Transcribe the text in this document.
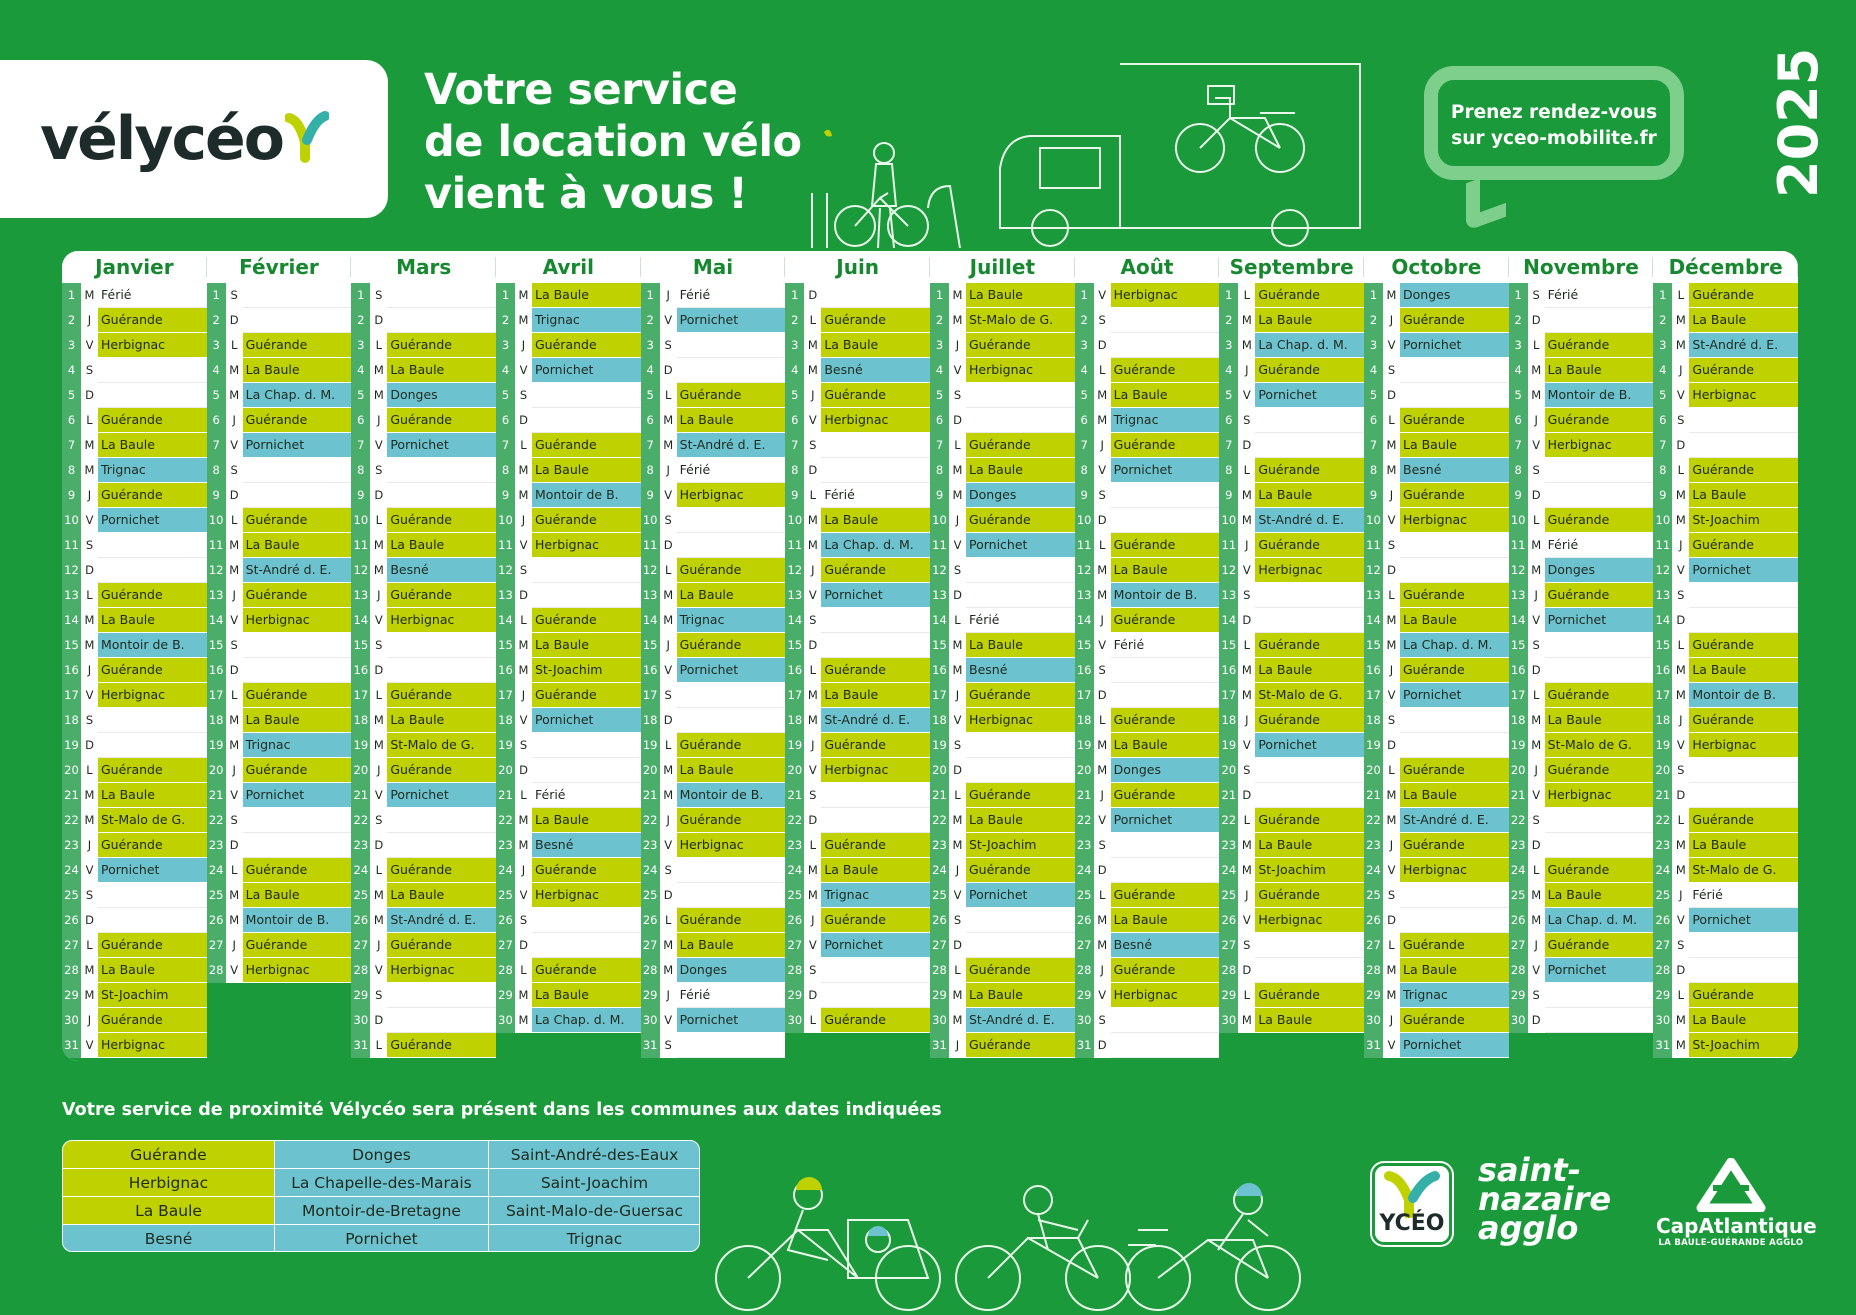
vélycéo
Votre service
de location vélo
vient à vous !
Prenez rendez-vous
sur yceo-mobilite.fr	2025
Janvier
1 M Férié
2	J Guérande
3 V Herbignac
4 S
5 D
6 L Guérande
7 M La Baule
8 M Trignac
9	J Guérande
10 V Pornichet
11 S
12 D
13 L Guérande
14 M La Baule
15 M Montoir de B.
16 J Guérande
17 V Herbignac
18 S
19 D
20 L Guérande
21 M La Baule
22 M St-Malo de G.
23 J Guérande
24 V Pornichet
25 S
26 D
27 L Guérande
28 M La Baule
29 M St-Joachim
30 J Guérande
31 V Herbignac
Février
1 S
2 D
3 L Guérande
4 M La Baule
5 M La Chap. d. M.
6	J Guérande
7 V Pornichet
8 S
9 D
10 L Guérande
11 M La Baule
12 M St-André d. E.
13 J Guérande
14 V Herbignac
15 S
16 D
17 L Guérande
18 M La Baule
19 M Trignac
20 J Guérande
21 V Pornichet
22 S
23 D
24 L Guérande
25 M La Baule
26 M Montoir de B.
27 J Guérande
28 V Herbignac
Mars
1 S
2 D
3 L Guérande
4 M La Baule
5 M Donges
6	J Guérande
7 V Pornichet
8 S
9 D
10 L Guérande
11 M La Baule
12 M Besné
13 J Guérande
14 V Herbignac
15 S
16 D
17 L Guérande
18 M La Baule
19 M St-Malo de G.
20 J Guérande
21 V Pornichet
22 S
23 D
24 L Guérande
25 M La Baule
26 M St-André d. E.
27 J Guérande
28 V Herbignac
29 S
30 D
31 L Guérande
Avril
1 M La Baule
2 M Trignac
3	J Guérande
4 V Pornichet
5 S
6 D
7 L Guérande
8 M La Baule
9 M Montoir de B.
10 J Guérande
11 V Herbignac
12 S
13 D
14 L Guérande
15 M La Baule
16 M St-Joachim
17 J Guérande
18 V Pornichet
19 S
20 D
21 L Férié
22 M La Baule
23 M Besné
24 J Guérande
25 V Herbignac
26 S
27 D
28 L Guérande
29 M La Baule
30 M La Chap. d. M.
Mai
1	J Férié
2 V Pornichet
3 S
4 D
5 L Guérande
6 M La Baule
7 M St-André d. E.
8	J Férié
9 V Herbignac
10 S
11 D
12 L Guérande
13 M La Baule
14 M Trignac
15 J Guérande
16 V Pornichet
17 S
18 D
19 L Guérande
20 M La Baule
21 M Montoir de B.
22 J Guérande
23 V Herbignac
24 S
25 D
26 L Guérande
27 M La Baule
28 M Donges
29 J Férié
30 V Pornichet
31 S
Juin
1 D
2 L Guérande
3 M La Baule
4 M Besné
5	J Guérande
6 V Herbignac
7 S
8 D
9 L Férié
10 M La Baule
11 M La Chap. d. M.
12 J Guérande
13 V Pornichet
14 S
15 D
16 L Guérande
17 M La Baule
18 M St-André d. E.
19 J Guérande
20 V Herbignac
21 S
22 D
23 L Guérande
24 M La Baule
25 M Trignac
26 J Guérande
27 V Pornichet
28 S
29 D
30 L Guérande
Juillet
1 M La Baule
2 M St-Malo de G.
3	J Guérande
4 V Herbignac
5 S
6 D
7 L Guérande
8 M La Baule
9 M Donges
10 J Guérande
11 V Pornichet
12 S
13 D
14 L Férié
15 M La Baule
16 M Besné
17 J Guérande
18 V Herbignac
19 S
20 D
21 L Guérande
22 M La Baule
23 M St-Joachim
24 J Guérande
25 V Pornichet
26 S
27 D
28 L Guérande
29 M La Baule
30 M St-André d. E.
31 J Guérande
Août
1 V Herbignac
2 S
3 D
4 L Guérande
5 M La Baule
6 M Trignac
7	J Guérande
8 V Pornichet
9 S
10 D
11 L Guérande
12 M La Baule
13 M Montoir de B.
14 J Guérande
15 V Férié
16 S
17 D
18 L Guérande
19 M La Baule
20 M Donges
21 J Guérande
22 V Pornichet
23 S
24 D
25 L Guérande
26 M La Baule
27 M Besné
28 J Guérande
29 V Herbignac
30 S
31 D
Septembre
1 L Guérande
2 M La Baule
3 M La Chap. d. M.
4	J Guérande
5 V Pornichet
6 S
7 D
8 L Guérande
9 M La Baule
10 M St-André d. E.
11 J Guérande
12 V Herbignac
13 S
14 D
15 L Guérande
16 M La Baule
17 M St-Malo de G.
18 J Guérande
19 V Pornichet
20 S
21 D
22 L Guérande
23 M La Baule
24 M St-Joachim
25 J Guérande
26 V Herbignac
27 S
28 D
29 L Guérande
30 M La Baule
Octobre
1 M Donges
2	J Guérande
3 V Pornichet
4 S
5 D
6 L Guérande
7 M La Baule
8 M Besné
9	J Guérande
10 V Herbignac
11 S
12 D
13 L Guérande
14 M La Baule
15 M La Chap. d. M.
16 J Guérande
17 V Pornichet
18 S
19 D
20 L Guérande
21 M La Baule
22 M St-André d. E.
23 J Guérande
24 V Herbignac
25 S
26 D
27 L Guérande
28 M La Baule
29 M Trignac
30 J Guérande
31 V Pornichet
Novembre
1 S Férié
2 D
3 L Guérande
4 M La Baule
5 M Montoir de B.
6	J Guérande
7 V Herbignac
8 S
9 D
10 L Guérande
11 M Férié
12 M Donges
13 J Guérande
14 V Pornichet
15 S
16 D
17 L Guérande
18 M La Baule
19 M St-Malo de G.
20 J Guérande
21 V Herbignac
22 S
23 D
24 L Guérande
25 M La Baule
26 M La Chap. d. M.
27 J Guérande
28 V Pornichet
29 S
30 D
Décembre
1 L Guérande
2 M La Baule
3 M St-André d. E.
4	J Guérande
5 V Herbignac
6 S
7 D
8 L Guérande
9 M La Baule
10 M St-Joachim
11 J Guérande
12 V Pornichet
13 S
14 D
15 L Guérande
16 M La Baule
17 M Montoir de B.
18 J Guérande
19 V Herbignac
20 S
21 D
22 L Guérande
23 M La Baule
24 M St-Malo de G.
25 J Férié
26 V Pornichet
27 S
28 D
29 L Guérande
30 M La Baule
31 M St-Joachim
Votre service de proximité Vélycéo sera présent dans les communes aux dates indiquées
Guérande	Donges	Saint-André-des-Eaux
Herbignac	La Chapelle-des-Marais	Saint-Joachim
La Baule	Montoir-de-Bretagne	Saint-Malo-de-Guersac
Besné	Pornichet	Trignac
YCÉO
saint-
nazaire
agglo	CapAtlantique
LA BAULE-GUÉRANDE AGGLO
